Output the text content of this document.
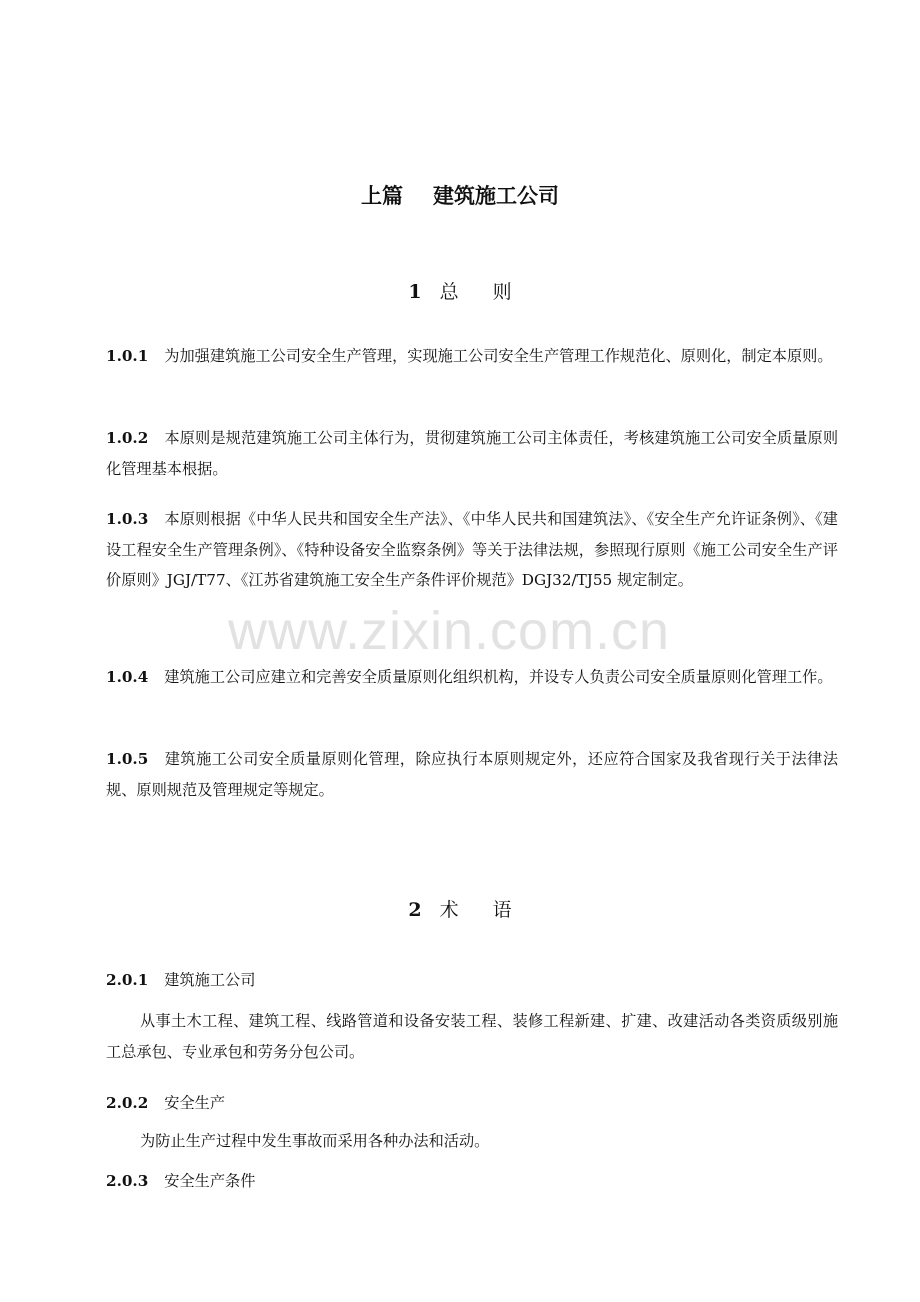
www.zixin.com.cn
上篇 建筑施工公司
1 总 则
1.0.1 为加强建筑施工公司安全生产管理，实现施工公司安全生产管理工作规范化、原则化，制定本原则。
1.0.2 本原则是规范建筑施工公司主体行为，贯彻建筑施工公司主体责任，考核建筑施工公司安全质量原则化管理基本根据。
1.0.3 本原则根据《中华人民共和国安全生产法》、《中华人民共和国建筑法》、《安全生产允许证条例》、《建设工程安全生产管理条例》、《特种设备安全监察条例》等关于法律法规，参照现行原则《施工公司安全生产评价原则》JGJ/T77、《江苏省建筑施工安全生产条件评价规范》DGJ32/TJ55 规定制定。
1.0.4 建筑施工公司应建立和完善安全质量原则化组织机构，并设专人负责公司安全质量原则化管理工作。
1.0.5 建筑施工公司安全质量原则化管理，除应执行本原则规定外，还应符合国家及我省现行关于法律法规、原则规范及管理规定等规定。
2 术 语
2.0.1 建筑施工公司
从事土木工程、建筑工程、线路管道和设备安装工程、装修工程新建、扩建、改建活动各类资质级别施工总承包、专业承包和劳务分包公司。
2.0.2 安全生产
为防止生产过程中发生事故而采用各种办法和活动。
2.0.3 安全生产条件
